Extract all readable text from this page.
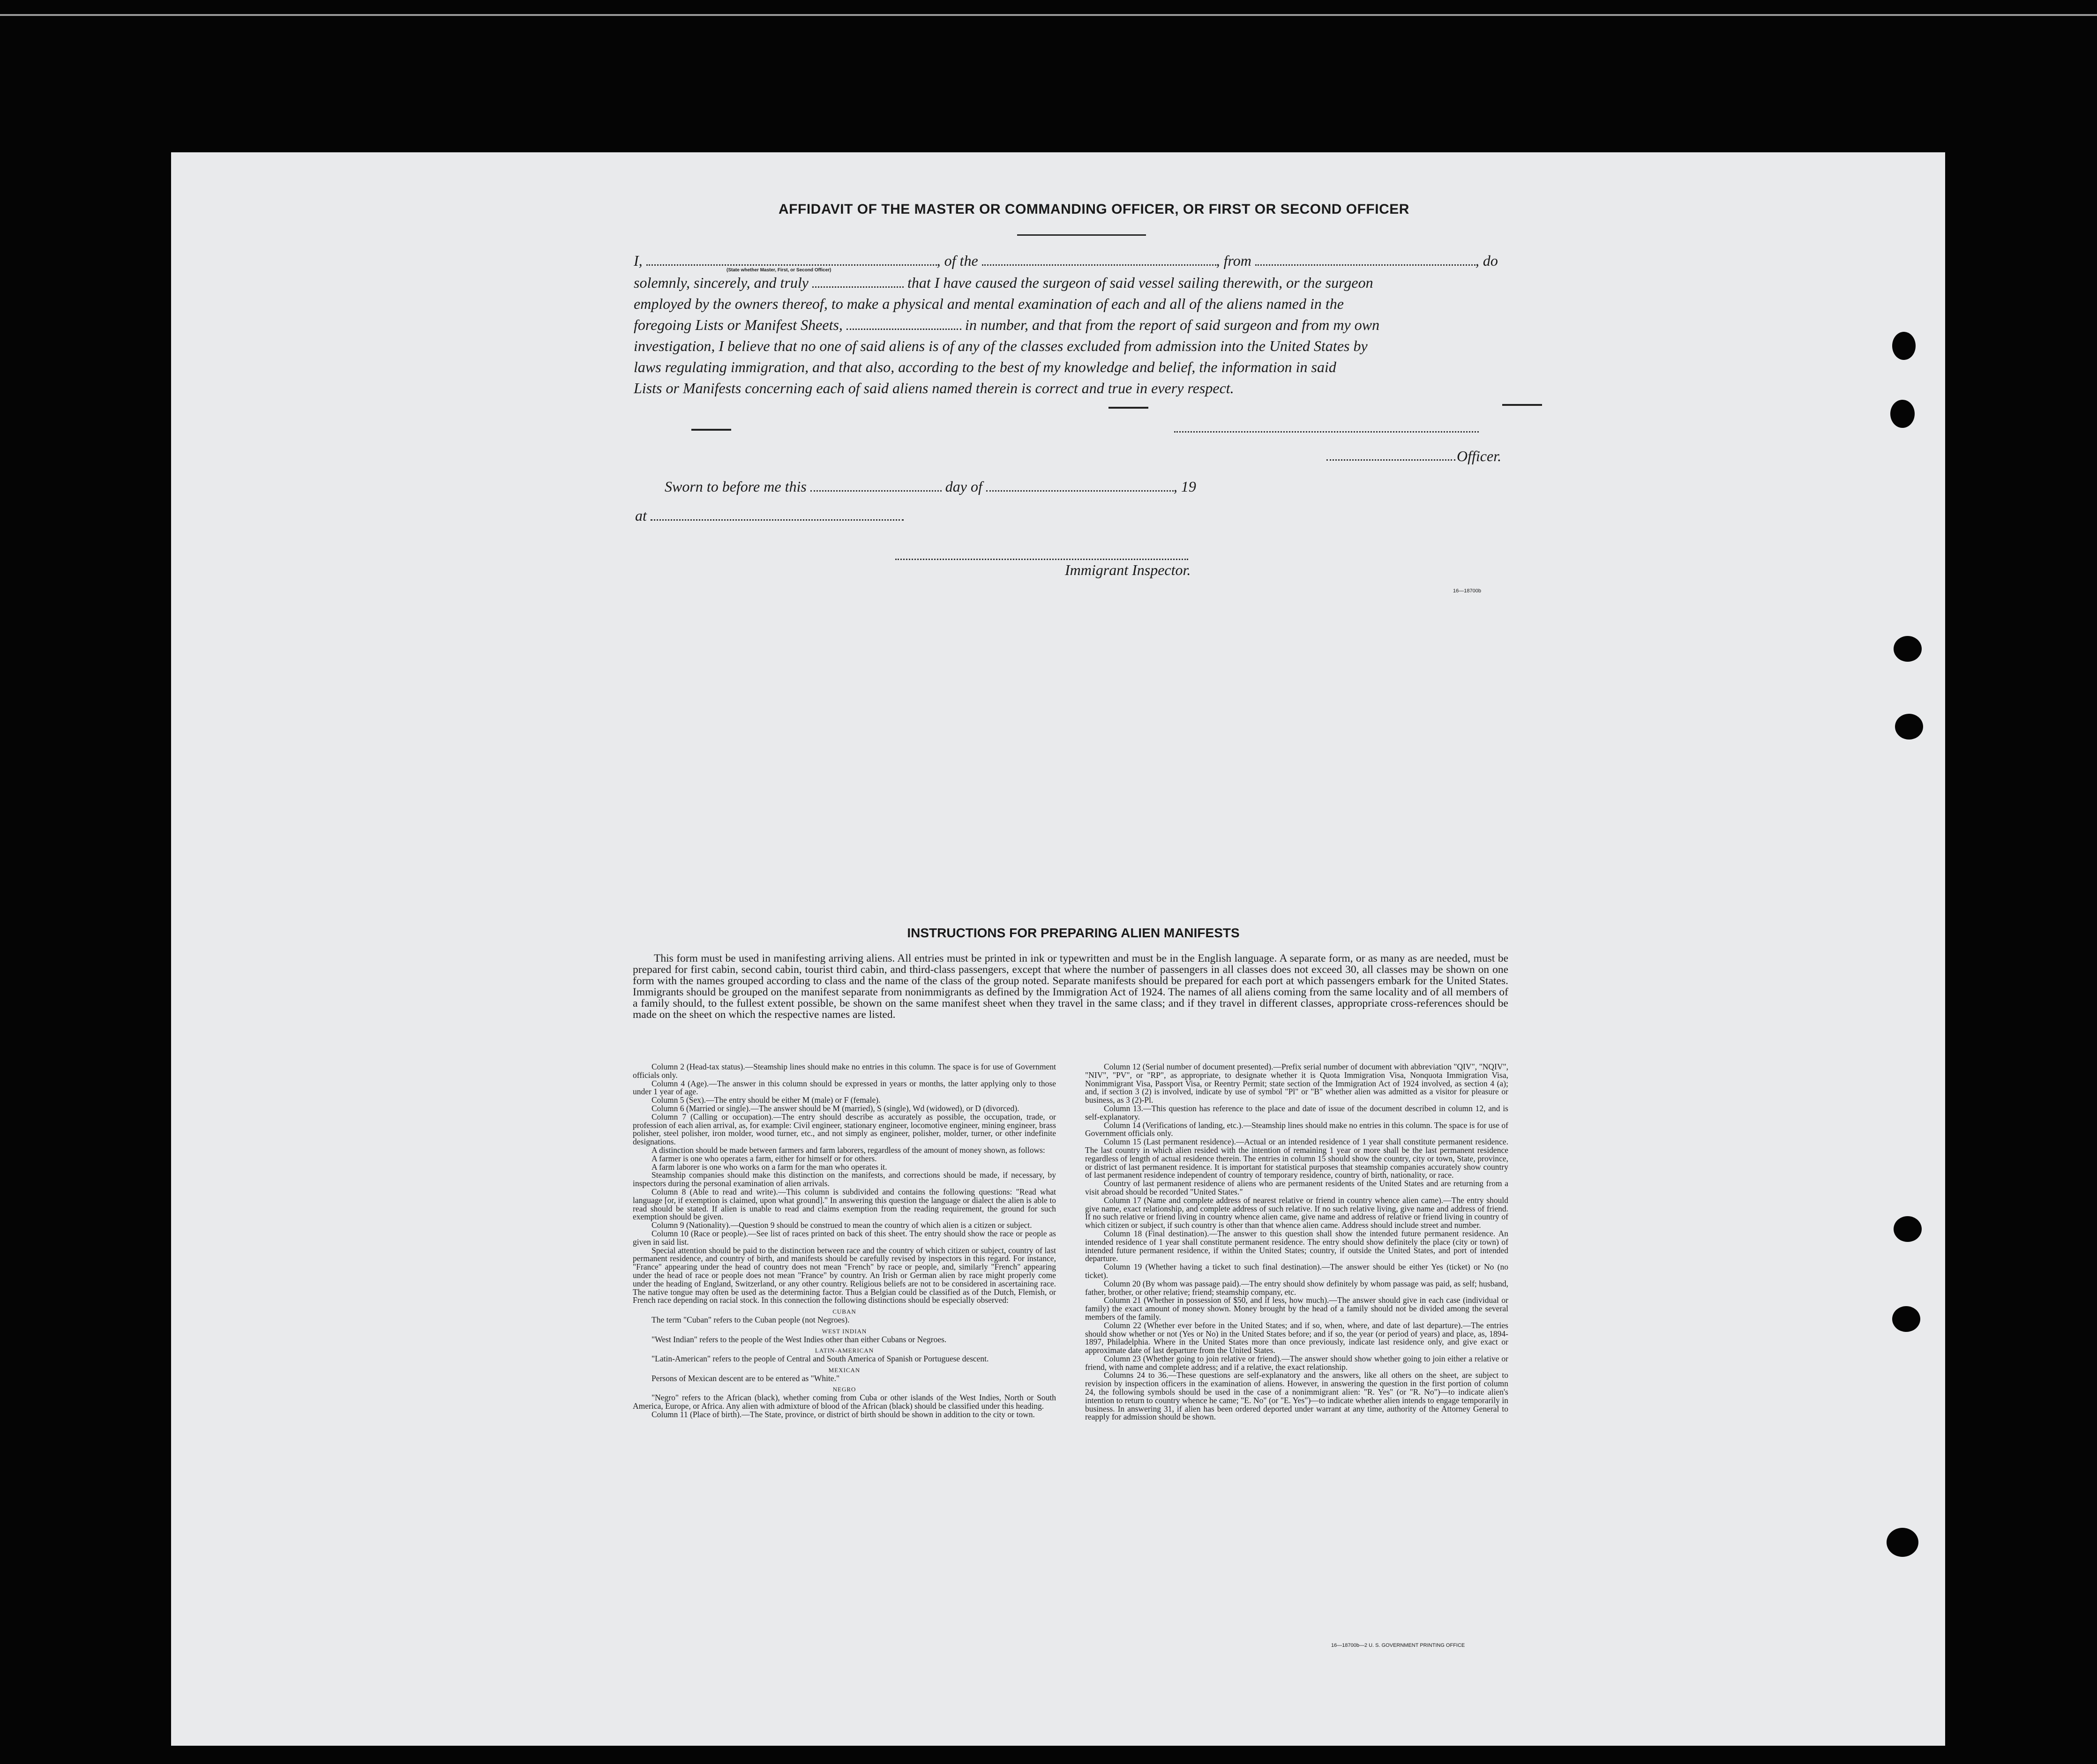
AFFIDAVIT OF THE MASTER OR COMMANDING OFFICER, OR FIRST OR SECOND OFFICER
I,	, of the	, from	, do
(State whether Master, First, or Second Officer)
solemnly, sincerely, and truly	that I have caused the surgeon of said vessel sailing therewith, or the surgeon
employed by the owners thereof, to make a physical and mental examination of each and all of the aliens named in the
foregoing Lists or Manifest Sheets,	in number, and that from the report of said surgeon and from my own
investigation, I believe that no one of said aliens is of any of the classes excluded from admission into the United States by
laws regulating immigration, and that also, according to the best of my knowledge and belief, the information in said
Lists or Manifests concerning each of said aliens named therein is correct and true in every respect.
Officer.
Sworn to before me this	day of	, 19
at
Immigrant Inspector.
16—18700b
INSTRUCTIONS FOR PREPARING ALIEN MANIFESTS
This form must be used in manifesting arriving aliens. All entries must be printed in ink or typewritten and must be in the English language. A separate form, or as many as are needed, must be prepared for first cabin, second cabin, tourist third cabin, and third-class passengers, except that where the number of passengers in all classes does not exceed 30, all classes may be shown on one form with the names grouped according to class and the name of the class of the group noted. Separate manifests should be prepared for each port at which passengers embark for the United States. Immigrants should be grouped on the manifest separate from nonimmigrants as defined by the Immigration Act of 1924. The names of all aliens coming from the same locality and of all members of a family should, to the fullest extent possible, be shown on the same manifest sheet when they travel in the same class; and if they travel in different classes, appropriate cross-references should be made on the sheet on which the respective names are listed.

Column 2 (Head-tax status).—Steamship lines should make no entries in this column. The space is for use of Government officials only.

Column 4 (Age).—The answer in this column should be expressed in years or months, the latter applying only to those under 1 year of age.

Column 5 (Sex).—The entry should be either M (male) or F (female).

Column 6 (Married or single).—The answer should be M (married), S (single), Wd (widowed), or D (divorced).

Column 7 (Calling or occupation).—The entry should describe as accurately as possible, the occupation, trade, or profession of each alien arrival, as, for example: Civil engineer, stationary engineer, locomotive engineer, mining engineer, brass polisher, steel polisher, iron molder, wood turner, etc., and not simply as engineer, polisher, molder, turner, or other indefinite designations.

A distinction should be made between farmers and farm laborers, regardless of the amount of money shown, as follows:

A farmer is one who operates a farm, either for himself or for others.

A farm laborer is one who works on a farm for the man who operates it.

Steamship companies should make this distinction on the manifests, and corrections should be made, if necessary, by inspectors during the personal examination of alien arrivals.

Column 8 (Able to read and write).—This column is subdivided and contains the following questions: "Read what language [or, if exemption is claimed, upon what ground]." In answering this question the language or dialect the alien is able to read should be stated. If alien is unable to read and claims exemption from the reading requirement, the ground for such exemption should be given.

Column 9 (Nationality).—Question 9 should be construed to mean the country of which alien is a citizen or subject.

Column 10 (Race or people).—See list of races printed on back of this sheet. The entry should show the race or people as given in said list.

Special attention should be paid to the distinction between race and the country of which citizen or subject, country of last permanent residence, and country of birth, and manifests should be carefully revised by inspectors in this regard. For instance, "France" appearing under the head of country does not mean "French" by race or people, and, similarly "French" appearing under the head of race or people does not mean "France" by country. An Irish or German alien by race might properly come under the heading of England, Switzerland, or any other country. Religious beliefs are not to be considered in ascertaining race. The native tongue may often be used as the determining factor. Thus a Belgian could be classified as of the Dutch, Flemish, or French race depending on racial stock. In this connection the following distinctions should be especially observed:

CUBAN

The term "Cuban" refers to the Cuban people (not Negroes).

WEST INDIAN

"West Indian" refers to the people of the West Indies other than either Cubans or Negroes.

LATIN-AMERICAN

"Latin-American" refers to the people of Central and South America of Spanish or Portuguese descent.

MEXICAN

Persons of Mexican descent are to be entered as "White."

NEGRO

"Negro" refers to the African (black), whether coming from Cuba or other islands of the West Indies, North or South America, Europe, or Africa. Any alien with admixture of blood of the African (black) should be classified under this heading.

Column 11 (Place of birth).—The State, province, or district of birth should be shown in addition to the city or town.

Column 12 (Serial number of document presented).—Prefix serial number of document with abbreviation "QIV", "NQIV", "NIV", "PV", or "RP", as appropriate, to designate whether it is Quota Immigration Visa, Nonquota Immigration Visa, Nonimmigrant Visa, Passport Visa, or Reentry Permit; state section of the Immigration Act of 1924 involved, as section 4 (a); and, if section 3 (2) is involved, indicate by use of symbol "Pl" or "B" whether alien was admitted as a visitor for pleasure or business, as 3 (2)-Pl.

Column 13.—This question has reference to the place and date of issue of the document described in column 12, and is self-explanatory.

Column 14 (Verifications of landing, etc.).—Steamship lines should make no entries in this column. The space is for use of Government officials only.

Column 15 (Last permanent residence).—Actual or an intended residence of 1 year shall constitute permanent residence. The last country in which alien resided with the intention of remaining 1 year or more shall be the last permanent residence regardless of length of actual residence therein. The entries in column 15 should show the country, city or town, State, province, or district of last permanent residence. It is important for statistical purposes that steamship companies accurately show country of last permanent residence independent of country of temporary residence, country of birth, nationality, or race.

Country of last permanent residence of aliens who are permanent residents of the United States and are returning from a visit abroad should be recorded "United States."

Column 17 (Name and complete address of nearest relative or friend in country whence alien came).—The entry should give name, exact relationship, and complete address of such relative. If no such relative living, give name and address of friend. If no such relative or friend living in country whence alien came, give name and address of relative or friend living in country of which citizen or subject, if such country is other than that whence alien came. Address should include street and number.

Column 18 (Final destination).—The answer to this question shall show the intended future permanent residence. An intended residence of 1 year shall constitute permanent residence. The entry should show definitely the place (city or town) of intended future permanent residence, if within the United States; country, if outside the United States, and port of intended departure.

Column 19 (Whether having a ticket to such final destination).—The answer should be either Yes (ticket) or No (no ticket).

Column 20 (By whom was passage paid).—The entry should show definitely by whom passage was paid, as self; husband, father, brother, or other relative; friend; steamship company, etc.

Column 21 (Whether in possession of $50, and if less, how much).—The answer should give in each case (individual or family) the exact amount of money shown. Money brought by the head of a family should not be divided among the several members of the family.

Column 22 (Whether ever before in the United States; and if so, when, where, and date of last departure).—The entries should show whether or not (Yes or No) in the United States before; and if so, the year (or period of years) and place, as, 1894-1897, Philadelphia. Where in the United States more than once previously, indicate last residence only, and give exact or approximate date of last departure from the United States.

Column 23 (Whether going to join relative or friend).—The answer should show whether going to join either a relative or friend, with name and complete address; and if a relative, the exact relationship.

Columns 24 to 36.—These questions are self-explanatory and the answers, like all others on the sheet, are subject to revision by inspection officers in the examination of aliens. However, in answering the question in the first portion of column 24, the following symbols should be used in the case of a nonimmigrant alien: "R. Yes" (or "R. No")—to indicate alien's intention to return to country whence he came; "E. No" (or "E. Yes")—to indicate whether alien intends to engage temporarily in business. In answering 31, if alien has been ordered deported under warrant at any time, authority of the Attorney General to reapply for admission should be shown.

16—18700b—2 U. S. GOVERNMENT PRINTING OFFICE
